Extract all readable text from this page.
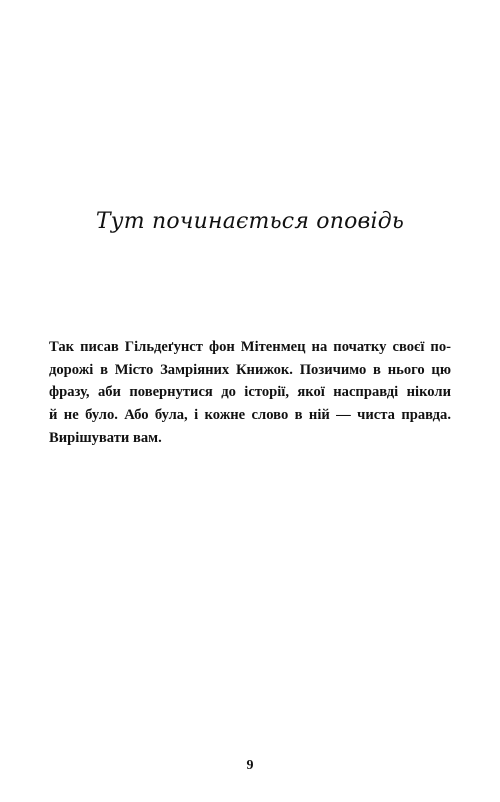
Тут починається оповідь
Так писав Гільдеґунст фон Мітенмец на початку своєї по-
дорожі в Місто Замріяних Книжок. Позичимо в нього цю
фразу, аби повернутися до історії, якої насправді ніколи
й не було. Або була, і кожне слово в ній — чиста правда.
Вирішувати вам.
9
